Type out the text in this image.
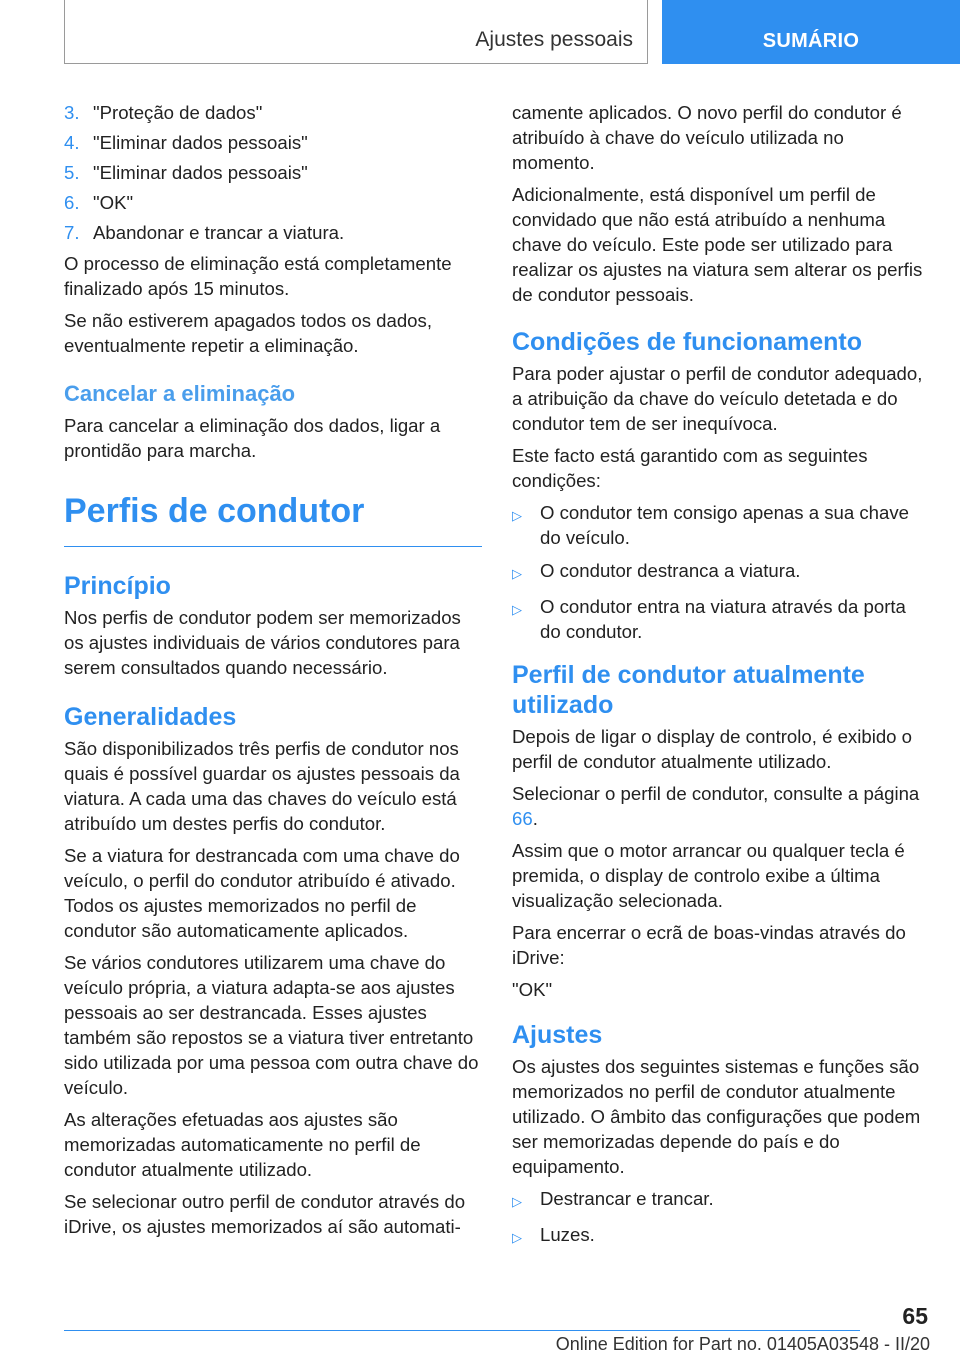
Ajustes pessoais	SUMÁRIO
3. "Proteção de dados"
4. "Eliminar dados pessoais"
5. "Eliminar dados pessoais"
6. "OK"
7. Abandonar e trancar a viatura.

O processo de eliminação está completamente finalizado após 15 minutos.

Se não estiverem apagados todos os dados, eventualmente repetir a eliminação.

Cancelar a eliminação

Para cancelar a eliminação dos dados, ligar a prontidão para marcha.

Perfis de condutor
Princípio

Nos perfis de condutor podem ser memorizados os ajustes individuais de vários condutores para serem consultados quando necessário.

Generalidades

São disponibilizados três perfis de condutor nos quais é possível guardar os ajustes pessoais da viatura. A cada uma das chaves do veículo está atribuído um destes perfis do condutor.

Se a viatura for destrancada com uma chave do veículo, o perfil do condutor atribuído é ativado. Todos os ajustes memorizados no perfil de condutor são automaticamente aplicados.

Se vários condutores utilizarem uma chave do veículo própria, a viatura adapta-se aos ajustes pessoais ao ser destrancada. Esses ajustes também são repostos se a viatura tiver entretanto sido utilizada por uma pessoa com outra chave do veículo.

As alterações efetuadas aos ajustes são memorizadas automaticamente no perfil de condutor atualmente utilizado.

Se selecionar outro perfil de condutor através do iDrive, os ajustes memorizados aí são automati-

camente aplicados. O novo perfil do condutor é atribuído à chave do veículo utilizada no momento.

Adicionalmente, está disponível um perfil de convidado que não está atribuído a nenhuma chave do veículo. Este pode ser utilizado para realizar os ajustes na viatura sem alterar os perfis de condutor pessoais.

Condições de funcionamento

Para poder ajustar o perfil de condutor adequado, a atribuição da chave do veículo detetada e do condutor tem de ser inequívoca.

Este facto está garantido com as seguintes condições:

▷ O condutor tem consigo apenas a sua chave do veículo.
▷ O condutor destranca a viatura.
▷ O condutor entra na viatura através da porta do condutor.
Perfil de condutor atualmente utilizado

Depois de ligar o display de controlo, é exibido o perfil de condutor atualmente utilizado.

Selecionar o perfil de condutor, consulte a página 66.

Assim que o motor arrancar ou qualquer tecla é premida, o display de controlo exibe a última visualização selecionada.

Para encerrar o ecrã de boas-vindas através do iDrive:

"OK"

Ajustes

Os ajustes dos seguintes sistemas e funções são memorizados no perfil de condutor atualmente utilizado. O âmbito das configurações que podem ser memorizadas depende do país e do equipamento.

▷ Destrancar e trancar.
▷ Luzes.
65
Online Edition for Part no. 01405A03548 - II/20
